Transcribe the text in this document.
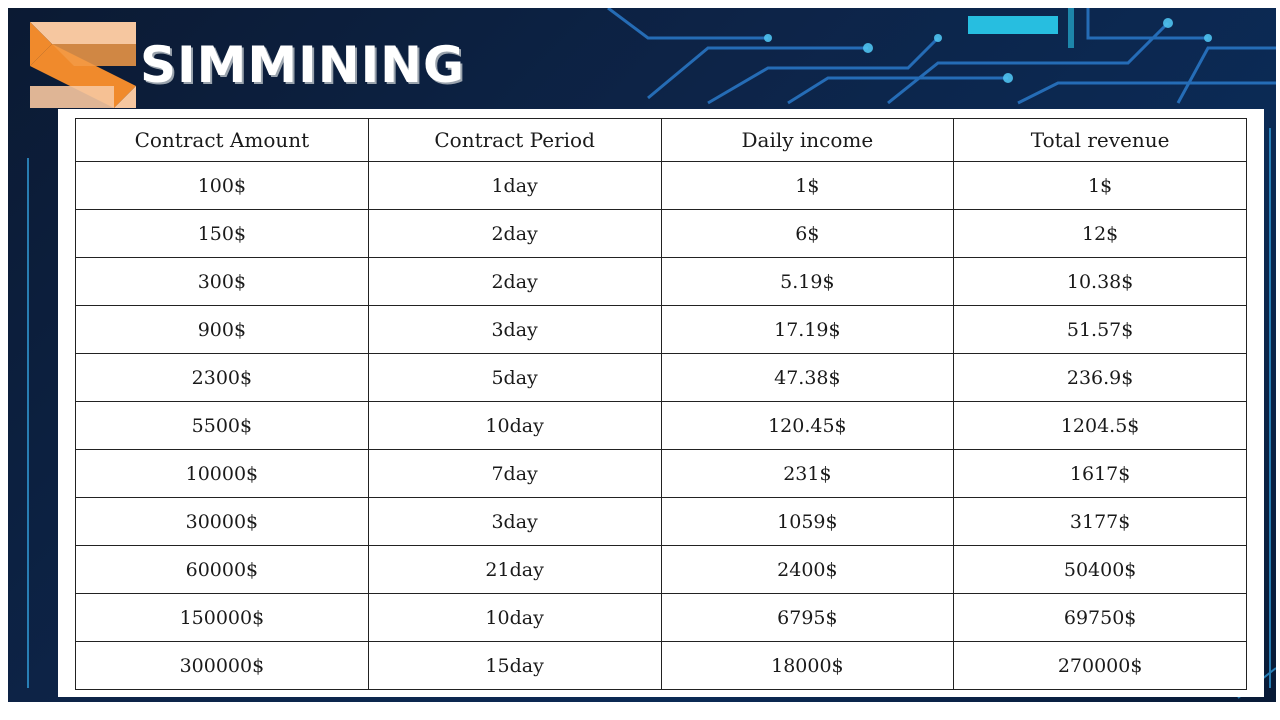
SIMMINING
Contract Amount	Contract Period	Daily income	Total revenue
100$	1day	1$	1$
150$	2day	6$	12$
300$	2day	5.19$	10.38$
900$	3day	17.19$	51.57$
2300$	5day	47.38$	236.9$
5500$	10day	120.45$	1204.5$
10000$	7day	231$	1617$
30000$	3day	1059$	3177$
60000$	21day	2400$	50400$
150000$	10day	6795$	69750$
300000$	15day	18000$	270000$
